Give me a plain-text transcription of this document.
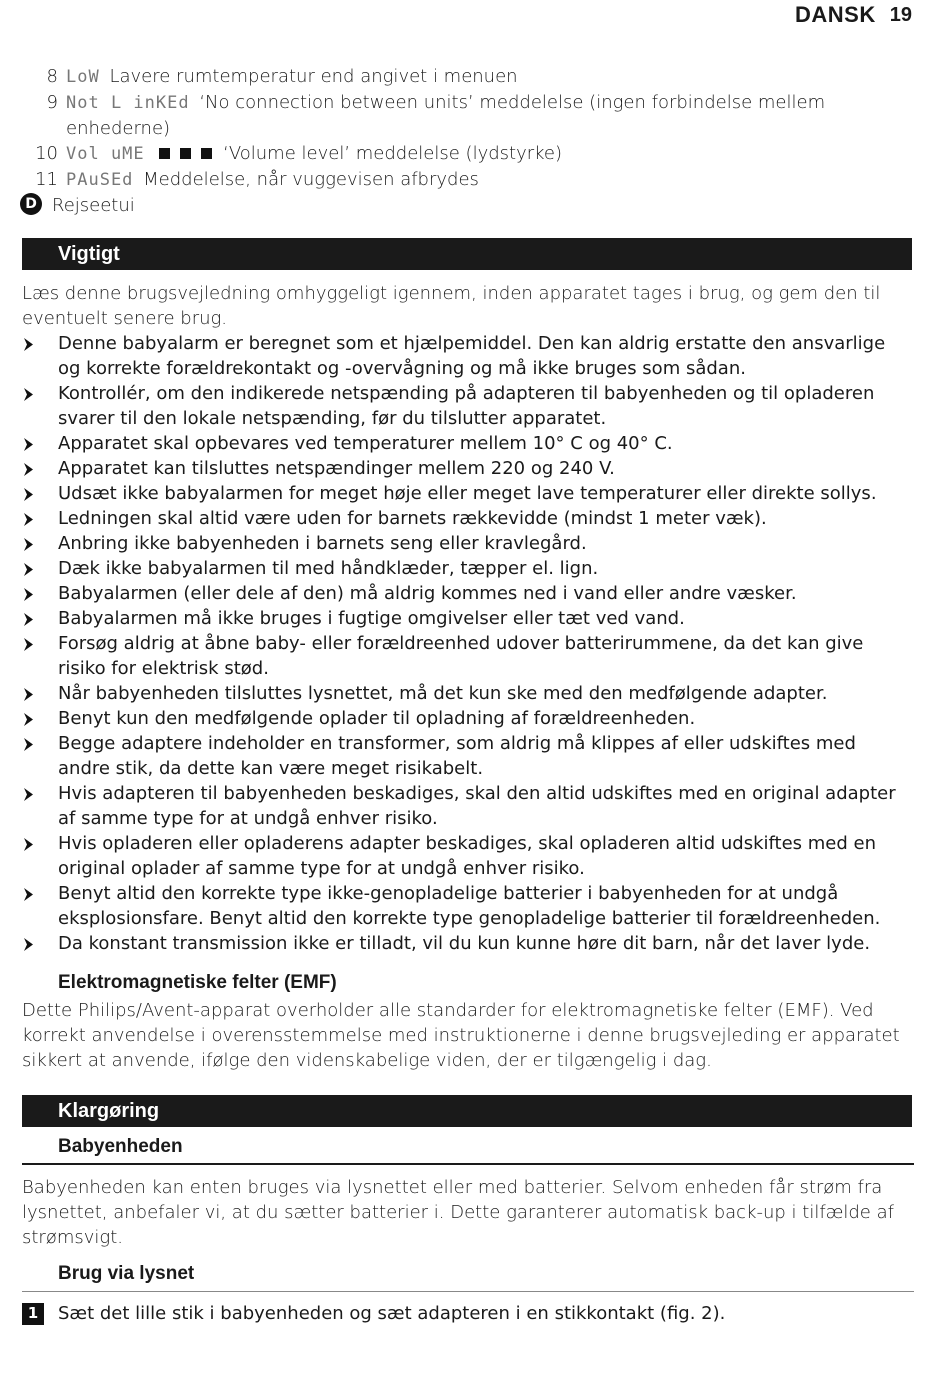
DANSK 19
8 LoW Lavere rumtemperatur end angivet i menuen
9 Not L inKEd ‘No connection between units’ meddelelse (ingen forbindelse mellem
enhederne)
10 Vol uME	‘Volume level’ meddelelse (lydstyrke)
11 PAuSEd Meddelelse, når vuggevisen afbrydes
D Rejseetui
Vigtigt
Læs denne brugsvejledning omhyggeligt igennem, inden apparatet tages i brug, og gem den til eventuelt senere brug.
Denne babyalarm er beregnet som et hjælpemiddel. Den kan aldrig erstatte den ansvarlige og korrekte forældrekontakt og -overvågning og må ikke bruges som sådan.
Kontrollér, om den indikerede netspænding på adapteren til babyenheden og til opladeren svarer til den lokale netspænding, før du tilslutter apparatet.
Apparatet skal opbevares ved temperaturer mellem 10° C og 40° C.
Apparatet kan tilsluttes netspændinger mellem 220 og 240 V.
Udsæt ikke babyalarmen for meget høje eller meget lave temperaturer eller direkte sollys.
Ledningen skal altid være uden for barnets rækkevidde (mindst 1 meter væk).
Anbring ikke babyenheden i barnets seng eller kravlegård.
Dæk ikke babyalarmen til med håndklæder, tæpper el. lign.
Babyalarmen (eller dele af den) må aldrig kommes ned i vand eller andre væsker.
Babyalarmen må ikke bruges i fugtige omgivelser eller tæt ved vand.
Forsøg aldrig at åbne baby- eller forældreenhed udover batterirummene, da det kan give risiko for elektrisk stød.
Når babyenheden tilsluttes lysnettet, må det kun ske med den medfølgende adapter.
Benyt kun den medfølgende oplader til opladning af forældreenheden.
Begge adaptere indeholder en transformer, som aldrig må klippes af eller udskiftes med andre stik, da dette kan være meget risikabelt.
Hvis adapteren til babyenheden beskadiges, skal den altid udskiftes med en original adapter af samme type for at undgå enhver risiko.
Hvis opladeren eller opladerens adapter beskadiges, skal opladeren altid udskiftes med en original oplader af samme type for at undgå enhver risiko.
Benyt altid den korrekte type ikke-genopladelige batterier i babyenheden for at undgå eksplosionsfare. Benyt altid den korrekte type genopladelige batterier til forældreenheden.
Da konstant transmission ikke er tilladt, vil du kun kunne høre dit barn, når det laver lyde.
Elektromagnetiske felter (EMF)
Dette Philips/Avent-apparat overholder alle standarder for elektromagnetiske felter (EMF). Ved korrekt anvendelse i overensstemmelse med instruktionerne i denne brugsvejleding er apparatet sikkert at anvende, ifølge den videnskabelige viden, der er tilgængelig i dag.
Klargøring
Babyenheden
Babyenheden kan enten bruges via lysnettet eller med batterier. Selvom enheden får strøm fra lysnettet, anbefaler vi, at du sætter batterier i. Dette garanterer automatisk back-up i tilfælde af strømsvigt.
Brug via lysnet
1	Sæt det lille stik i babyenheden og sæt adapteren i en stikkontakt (fig. 2).
